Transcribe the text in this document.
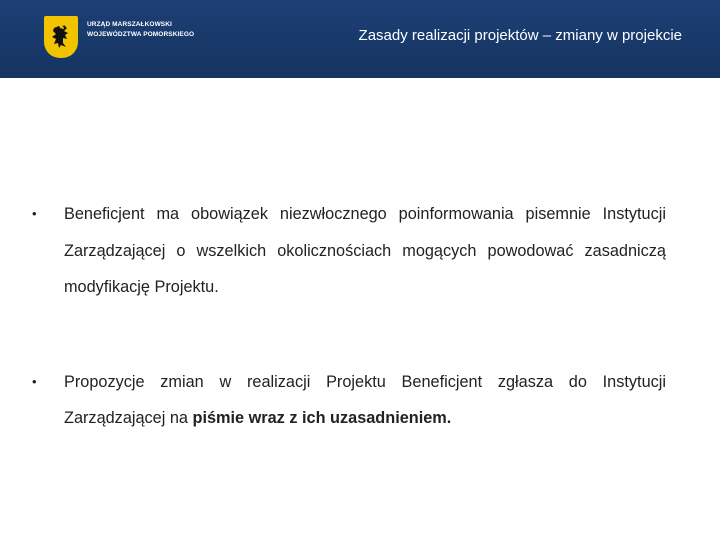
URZĄD MARSZAŁKOWSKI
WOJEWÓDZTWA POMORSKIEGO	Zasady realizacji projektów – zmiany w projekcie
• Beneficjent ma obowiązek niezwłocznego poinformowania pisemnie Instytucji Zarządzającej o wszelkich okolicznościach mogących powodować zasadniczą modyfikację Projektu.
• Propozycje zmian w realizacji Projektu Beneficjent zgłasza do Instytucji Zarządzającej na piśmie wraz z ich uzasadnieniem.
